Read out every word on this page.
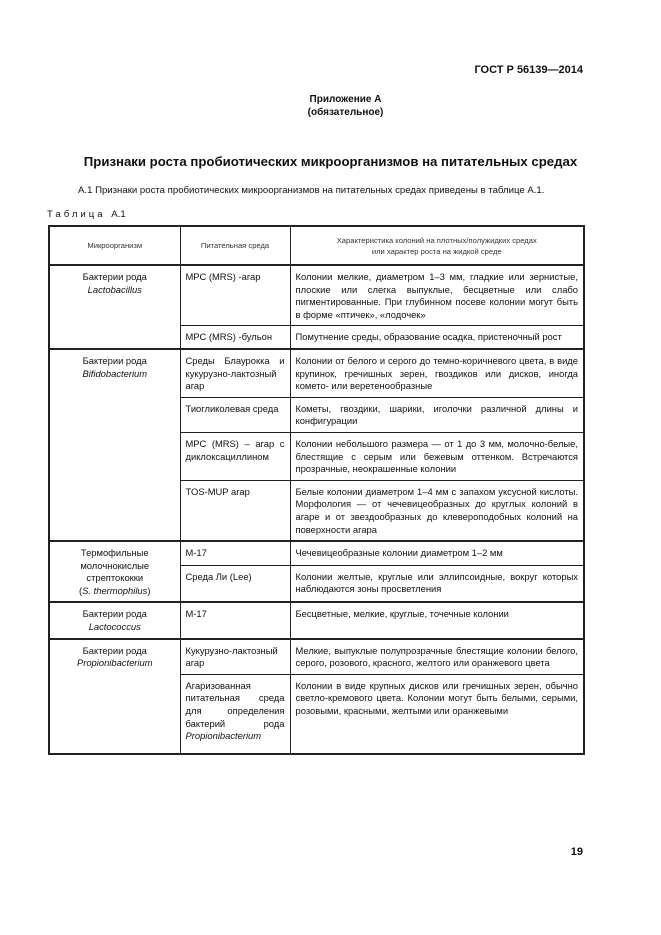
ГОСТ Р 56139—2014
Приложение А
(обязательное)
Признаки роста пробиотических микроорганизмов на питательных средах
А.1 Признаки роста пробиотических микроорганизмов на питательных средах приведены в таблице А.1.
Таблица А.1
Микроорганизм	Питательная среда	Характеристика колоний на плотных/полужидких средах
или характер роста на жидкой среде

Бактерии рода
Lactobacillus	МРС (MRS) -агар	Колонии мелкие, диаметром 1–3 мм, гладкие или зернистые, плоские или слегка выпуклые, бесцветные или слабо пигментированные. При глубинном посеве колонии могут быть в форме «птичек», «лодочек»
	МРС (MRS) -бульон	Помутнение среды, образование осадка, пристеночный рост

Бактерии рода
Bifidobacterium	Среды Блаурокка и кукурузно-лактозный агар	Колонии от белого и серого до темно-коричневого цвета, в виде крупинок, гречишных зерен, гвоздиков или дисков, иногда комето- или веретенообразные
	Тиогликолевая среда	Кометы, гвоздики, шарики, иголочки различной длины и конфигурации
	МРС (MRS) – агар с диклоксациллином	Колонии небольшого размера — от 1 до 3 мм, молочно-белые, блестящие с серым или бежевым оттенком. Встречаются прозрачные, неокрашенные колонии
	TOS-MUP агар	Белые колонии диаметром 1–4 мм с запахом уксусной кислоты. Морфология — от чечевицеобразных до круглых колоний в агаре и от звездообразных до клевероподобных колоний на поверхности агара

Термофильные молочнокислые стрептококки
(S. thermophilus)	М-17	Чечевицеобразные колонии диаметром 1–2 мм
	Среда Ли (Lee)	Колонии желтые, круглые или эллипсоидные, вокруг которых наблюдаются зоны просветления

Бактерии рода
Lactococcus	М-17	Бесцветные, мелкие, круглые, точечные колонии

Бактерии рода
Propionibacterium	Кукурузно-лактозный агар	Мелкие, выпуклые полупрозрачные блестящие колонии белого, серого, розового, красного, желтого или оранжевого цвета
	Агаризованная питательная среда для определения бактерий рода Propionibacterium	Колонии в виде крупных дисков или гречишных зерен, обычно светло-кремового цвета. Колонии могут быть белыми, серыми, розовыми, красными, желтыми или оранжевыми
19
